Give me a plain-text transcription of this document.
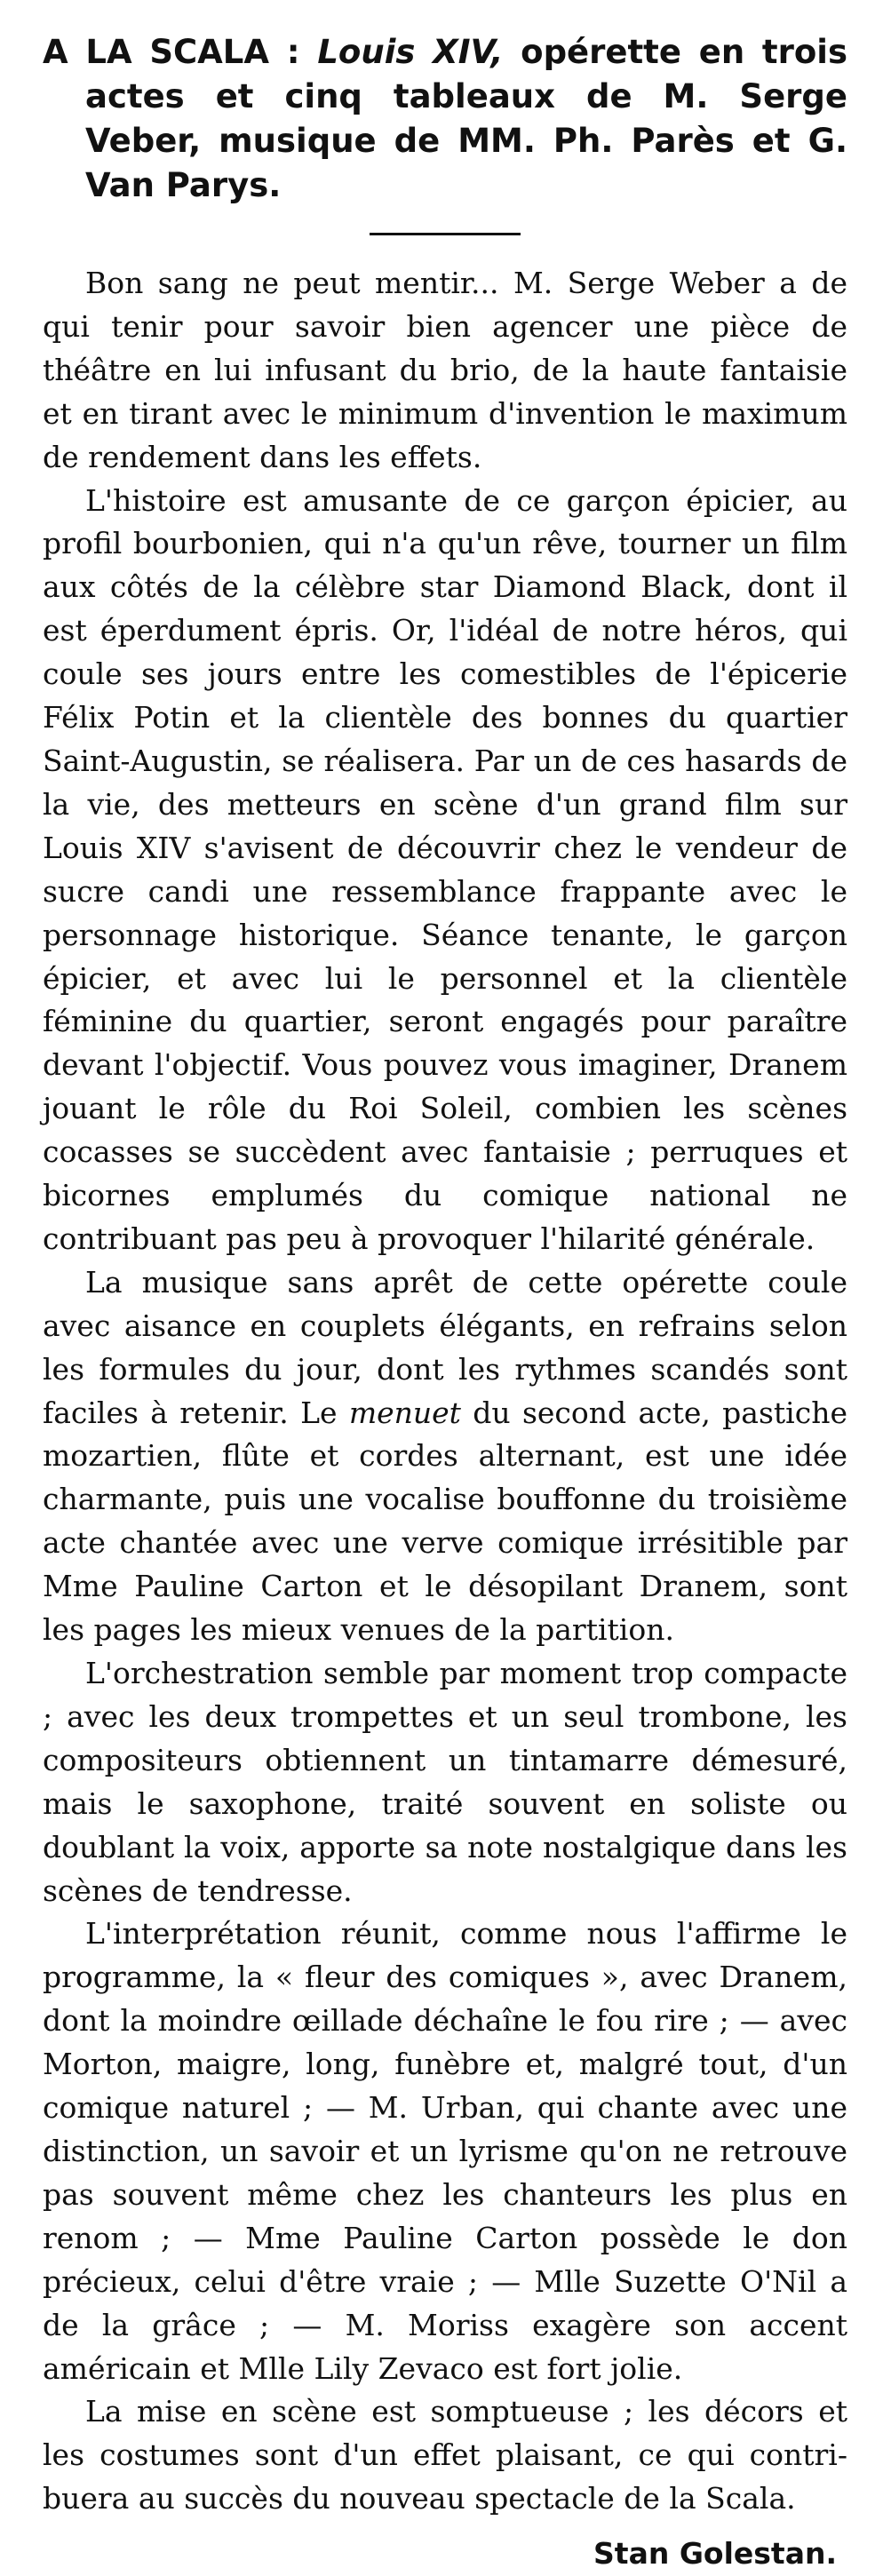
A LA SCALA : Louis XIV, opérette en trois actes et cinq tableaux de M. Serge Veber, musique de MM. Ph. Parès et G. Van Parys.

Bon sang ne peut mentir... M. Serge Weber a de qui tenir pour savoir bien agencer une pièce de théâtre en lui infusant du brio, de la haute fantaisie et en tirant avec le minimum d'invention le maximum de rendement dans les effets.

L'histoire est amusante de ce garçon épicier, au profil bourbonien, qui n'a qu'un rêve, tourner un film aux côtés de la célèbre star Diamond Black, dont il est éperdument épris. Or, l'idéal de notre héros, qui coule ses jours entre les comestibles de l'épicerie Félix Potin et la clientèle des bonnes du quartier Saint-Augustin, se réalisera. Par un de ces hasards de la vie, des metteurs en scène d'un grand film sur Louis XIV s'avisent de découvrir chez le vendeur de sucre candi une ressemblance frappante avec le personnage historique. Séance tenante, le garçon épicier, et avec lui le personnel et la clientèle féminine du quartier, seront engagés pour paraître devant l'objectif. Vous pouvez vous imaginer, Dranem jouant le rôle du Roi Soleil, combien les scènes cocasses se succèdent avec fantaisie ; perruques et bicornes emplumés du comique national ne contribuant pas peu à provoquer l'hilarité générale.

La musique sans aprêt de cette opérette coule avec aisance en couplets élégants, en refrains selon les formules du jour, dont les rythmes scandés sont faciles à retenir. Le menuet du second acte, pastiche mozartien, flûte et cordes alternant, est une idée charmante, puis une vocalise bouffonne du troisième acte chantée avec une verve comique irrésitible par Mme Pauline Carton et le désopilant Dranem, sont les pages les mieux venues de la partition.

L'orchestration semble par moment trop compacte ; avec les deux trompettes et un seul trombone, les compositeurs obtiennent un tintamarre démesuré, mais le saxophone, traité souvent en soliste ou doublant la voix, apporte sa note nostalgique dans les scènes de tendresse.

L'interprétation réunit, comme nous l'affirme le programme, la « fleur des comiques », avec Dranem, dont la moindre œillade déchaîne le fou rire ; — avec Morton, maigre, long, funèbre et, malgré tout, d'un comique naturel ; — M. Urban, qui chante avec une distinction, un savoir et un lyrisme qu'on ne retrouve pas souvent même chez les chanteurs les plus en renom ; — Mme Pauline Carton possède le don précieux, celui d'être vraie ; — Mlle Suzette O'Nil a de la grâce ; — M. Moriss exagère son accent américain et Mlle Lily Zevaco est fort jolie.

La mise en scène est somptueuse ; les décors et les costumes sont d'un effet plaisant, ce qui contribuera au succès du nouveau spectacle de la Scala.

Stan Golestan.
